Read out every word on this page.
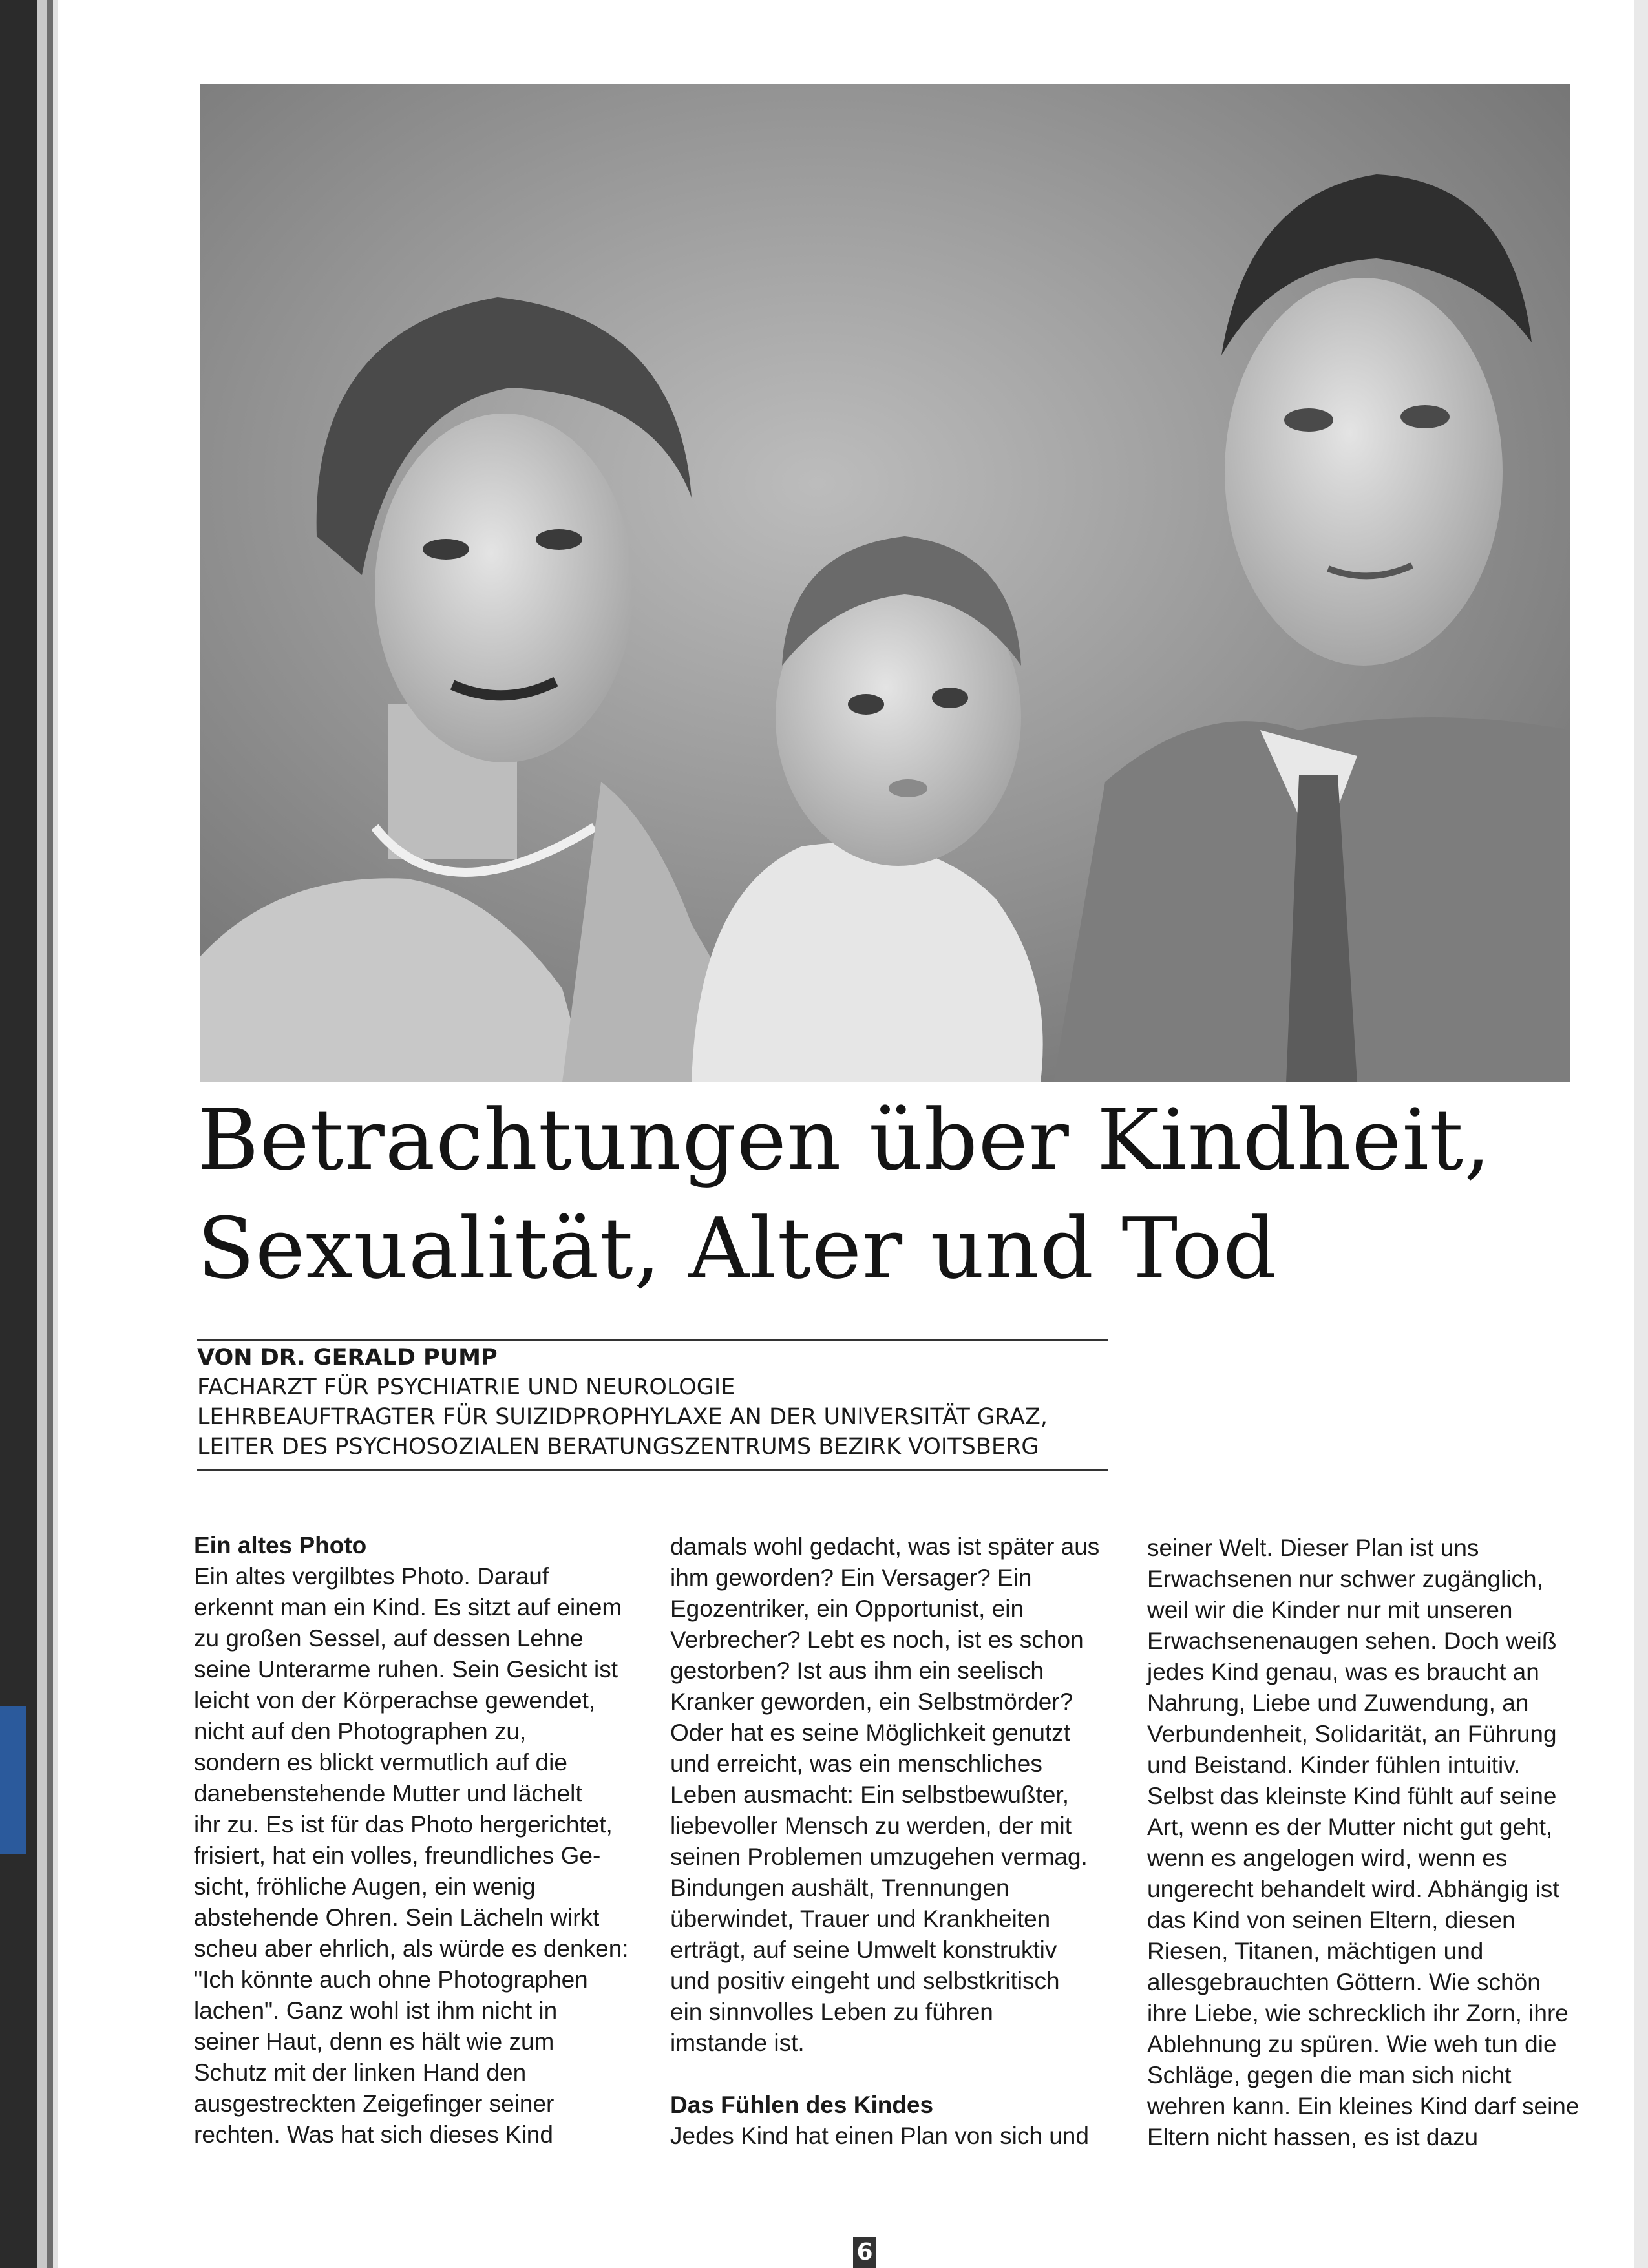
Betrachtungen über Kindheit,
Sexualität, Alter und Tod
VON DR. GERALD PUMP
FACHARZT FÜR PSYCHIATRIE UND NEUROLOGIE
LEHRBEAUFTRAGTER FÜR SUIZIDPROPHYLAXE AN DER UNIVERSITÄT GRAZ,
LEITER DES PSYCHOSOZIALEN BERATUNGSZENTRUMS BEZIRK VOITSBERG

Ein altes Photo

Ein altes vergilbtes Photo. Darauf

erkennt man ein Kind. Es sitzt auf einem

zu großen Sessel, auf dessen Lehne

seine Unterarme ruhen. Sein Gesicht ist

leicht von der Körperachse gewendet,

nicht auf den Photographen zu,

sondern es blickt vermutlich auf die

danebenstehende Mutter und lächelt

ihr zu. Es ist für das Photo hergerichtet,

frisiert, hat ein volles, freundliches Ge-

sicht, fröhliche Augen, ein wenig

abstehende Ohren. Sein Lächeln wirkt

scheu aber ehrlich, als würde es denken:

"Ich könnte auch ohne Photographen

lachen". Ganz wohl ist ihm nicht in

seiner Haut, denn es hält wie zum

Schutz mit der linken Hand den

ausgestreckten Zeigefinger seiner

rechten. Was hat sich dieses Kind

damals wohl gedacht, was ist später aus

ihm geworden? Ein Versager? Ein

Egozentriker, ein Opportunist, ein

Verbrecher? Lebt es noch, ist es schon

gestorben? Ist aus ihm ein seelisch

Kranker geworden, ein Selbstmörder?

Oder hat es seine Möglichkeit genutzt

und erreicht, was ein menschliches

Leben ausmacht: Ein selbstbewußter,

liebevoller Mensch zu werden, der mit

seinen Problemen umzugehen vermag.

Bindungen aushält, Trennungen

überwindet, Trauer und Krankheiten

erträgt, auf seine Umwelt konstruktiv

und positiv eingeht und selbstkritisch

ein sinnvolles Leben zu führen

imstande ist.

Das Fühlen des Kindes

Jedes Kind hat einen Plan von sich und

seiner Welt. Dieser Plan ist uns

Erwachsenen nur schwer zugänglich,

weil wir die Kinder nur mit unseren

Erwachsenenaugen sehen. Doch weiß

jedes Kind genau, was es braucht an

Nahrung, Liebe und Zuwendung, an

Verbundenheit, Solidarität, an Führung

und Beistand. Kinder fühlen intuitiv.

Selbst das kleinste Kind fühlt auf seine

Art, wenn es der Mutter nicht gut geht,

wenn es angelogen wird, wenn es

ungerecht behandelt wird. Abhängig ist

das Kind von seinen Eltern, diesen

Riesen, Titanen, mächtigen und

allesgebrauchten Göttern. Wie schön

ihre Liebe, wie schrecklich ihr Zorn, ihre

Ablehnung zu spüren. Wie weh tun die

Schläge, gegen die man sich nicht

wehren kann. Ein kleines Kind darf seine

Eltern nicht hassen, es ist dazu

6
